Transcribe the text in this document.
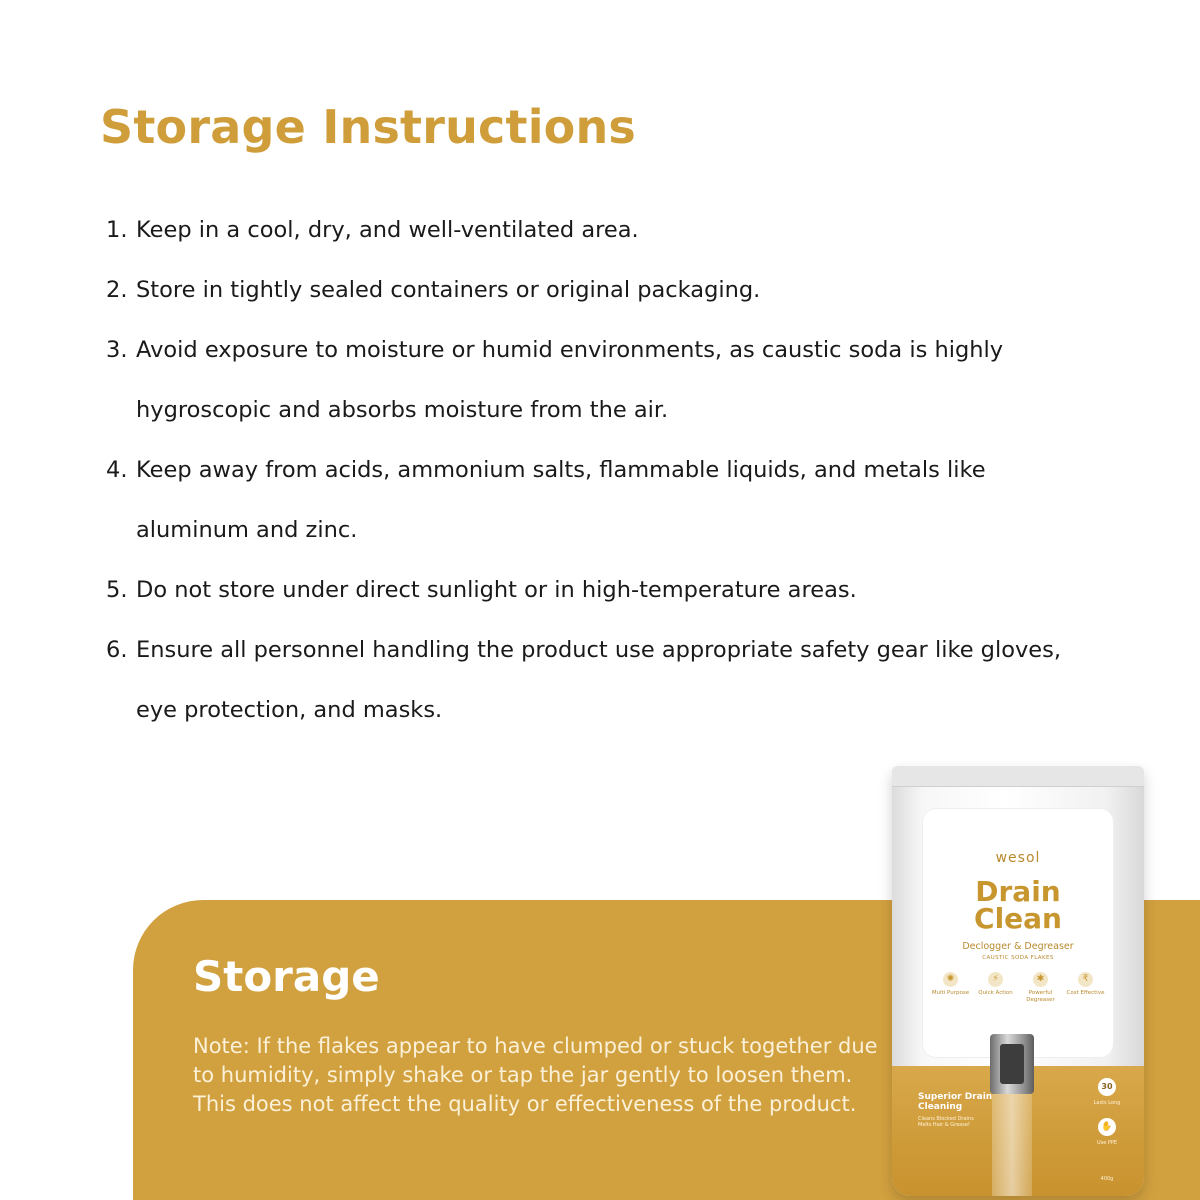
Storage Instructions
1. Keep in a cool, dry, and well-ventilated area.
2. Store in tightly sealed containers or original packaging.
3. Avoid exposure to moisture or humid environments, as caustic soda is highly hygroscopic and absorbs moisture from the air.
4. Keep away from acids, ammonium salts, flammable liquids, and metals like aluminum and zinc.
5. Do not store under direct sunlight or in high-temperature areas.
6. Ensure all personnel handling the product use appropriate safety gear like gloves, eye protection, and masks.
Storage

Note: If the flakes appear to have clumped or stuck together due to humidity, simply shake or tap the jar gently to loosen them. This does not affect the quality or effectiveness of the product.

wesol
Drain
Clean
Declogger & Degreaser
CAUSTIC SODA FLAKES
✺
Multi Purpose
⚡
Quick Action
✱
Powerful Degreaser
₹
Cost Effective
Superior Drain Cleaning
Cleans Blocked Drains Melts Hair & Grease!
30
Lasts Long
✋
Use PPE
400g
